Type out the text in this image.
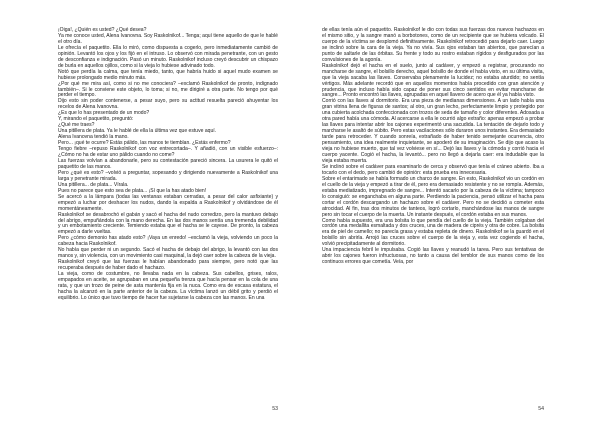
¡Oiga!, ¿Quién es usted? ¿Qué desea?

Ya me conoce usted, Alena Ivanovna. Soy Raskolnikof... Tenga; aquí tiene aquello de que le hablé el otro día.

Le ofrecía el paquetito. Ella lo miró, como dispuesta a cogerlo, pero inmediatamente cambió de opinión. Levantó los ojos y los fijó en el intruso. Lo observó con mirada penetrante, con un gesto de desconfianza e indignación. Pasó un minuto. Raskolnikof incluso creyó descubrir un chispazo de burla en aquellos ojillos, como si la vieja lo hubiese adivinado todo.

Notó que perdía la calma, que tenía miedo, tanto, que habría huido si aquel mudo examen se hubiese prolongado medio minuto más.

¿Por qué me mira así, como si no me conociera? –exclamó Raskolnikof de pronto, indignado también–. Si le conviene este objeto, lo toma; si no, me dirigiré a otra parte. No tengo por qué perder el tiempo.

Dijo esto sin poder contenerse, a pesar suyo, pero su actitud resuelta pareció ahuyentar los recelos de Alena Ivanovna.

¿Es que lo has presentado de un modo?

Y, mirando el paquetito, preguntó:

¿Qué me traes?

Una pitillera de plata. Ya le hablé de ella la última vez que estuve aquí.

Alena Ivanovna tendió la mano.

Pero... ¡qué te ocurre? Estás pálido, las manos te tiemblan. ¿Estás enfermo?

Tengo fiebre –repuso Raskolnikof con voz entrecortada–. Y añadió, con un visible esfuerzo–: ¿Cómo no ha de estar uno pálido cuando no come?

Las fuerzas volvían a abandonarle, pero su contestación pareció sincera. La usurera le quitó el paquetito de las manos.

Pero ¿qué es esto? –volvió a preguntar, sopesando y dirigiendo nuevamente a Raskolnikof una larga y penetrante mirada.

Una pitillera... de plata... Vírala.

Pues no parece que esto sea de plata... ¡Sí que la has atado bien!

Se acercó a la lámpara (todas las ventanas estaban cerradas, a pesar del calor asfixiante) y empezó a luchar por deshacer los nudos, dando la espalda a Raskolnikof y olvidándose de él momentáneamente.

Raskolnikof se desabrochó el gabán y sacó el hacha del nudo corredizo, pero la mantuvo debajo del abrigo, empuñándola con la mano derecha. En las dos manos sentía una tremenda debilidad y un embotamiento creciente. Temiendo estaba que el hacha se le cayese. De pronto, la cabeza empezó a darle vueltas.

Pero ¿cómo demonio has atado esto? ¡Vaya un enredo! –exclamó la vieja, volviendo un poco la cabeza hacia Raskolnikof.

No había que perder ni un segundo. Sacó el hacha de debajo del abrigo, la levantó con las dos manos y, sin violencia, con un movimiento casi maquinal, la dejó caer sobre la cabeza de la vieja.

Raskolnikof creyó que las fuerzas le habían abandonado para siempre, pero notó que las recuperaba después de haber dado el hachazo.

La vieja, como de costumbre, no llevaba nada en la cabeza. Sus cabellos, grises, ralos, empapados en aceite, se agrupaban en una pequeña trenza que hacía pensar en la cola de una rata, y que un trozo de peine de asta mantenía fija en la nuca. Como era de escasa estatura, el hacha la alcanzó en la parte anterior de la cabeza. La víctima lanzó un débil grito y perdió el equilibrio. Lo único que tuvo tiempo de hacer fue sujetarse la cabeza con las manos. En una

53

de ellas tenía aún el paquetito. Raskolnikof le dio con todas sus fuerzas dos nuevos hachazos en el mismo sitio, y la sangre manó a borbotones, como de un recipiente que se hubiera volcado. El cuerpo de la víctima se desplomó definitivamente. Raskolnikof retrocedió para dejarlo caer. Luego se inclinó sobre la cara de la vieja. Ya no vivía. Sus ojos estaban tan abiertos, que parecían a punto de saltarle de las órbitas. Su frente y todo su rostro estaban rígidos y desfigurados por las convulsiones de la agonía.

Raskolnikof dejó el hacha en el suelo, junto al cadáver, y empezó a registrar, procurando no mancharse de sangre, el bolsillo derecho, aquel bolsillo de donde el había visto, en su última visita, que la vieja sacaba las llaves. Conservaba plenamente la lucidez; no estaba aturdido; no sentía vértigos. Más adelante recordó que en aquellos momentos había procedido con gran atención y prudencia, que incluso había sido capaz de poner sus cinco sentidos en evitar mancharse de sangre... Pronto encontró las llaves, agrupadas en aquel llavero de acero que él ya había visto.

Corrió con las llaves al dormitorio. Era una pieza de medianas dimensiones. A un lado había una gran vitrina llena de figuras de santos; al otro, un gran lecho, perfectamente limpio y protegido por una cubierta acolchada confeccionada con trozos de seda de tamaño y color diferentes. Adosada a otra pared había una cómoda. Al acercarse a ella le ocurrió algo extraño: apenas empezó a probar las llaves para intentar abrir los cajones experimentó una sacudida. La tentación de dejarlo todo y marcharse le asaltó de súbito. Pero estas vacilaciones sólo duraron unos instantes. Era demasiado tarde para retroceder. Y cuando sonreía, extrañado de haber tenido semejante ocurrencia, otro pensamiento, una idea realmente inquietante, se apoderó de su imaginación. Se dijo que acaso la vieja no hubiese muerto, que tal vez volviese en sí... Dejó las llaves y la cómoda y corrió hacia el cuerpo yacente. Cogió el hacha, la levantó... pero no llegó a dejarla caer: era indudable que la vieja estaba muerta.

Se inclinó sobre el cadáver para examinarlo de cerca y observó que tenía el cráneo abierto. Iba a tocarlo con el dedo, pero cambió de opinión: esta prueba era innecesaria.

Sobre el entarimado se había formado un charco de sangre. En esto, Raskolnikof vio un cordón en el cuello de la vieja y empezó a tirar de él, pero era demasiado resistente y no se rompía. Además, estaba mediatizado, impregnado de sangre... Intentó sacarlo por la cabeza de la víctima; tampoco lo consiguió: se enganchaba en alguna parte. Perdiendo la paciencia, pensó utilizar el hacha para cortar el cordón descargando un hachazo sobre el cadáver. Pero no se decidió a cometer esta atrocidad. Al fin, tras dos minutos de tanteos, logró cortarlo, manchándose las manos de sangre pero sin tocar el cuerpo de la muerta. Un instante después, el cordón estaba en sus manos.

Como había supuesto, era una bolsita lo que pendía del cuello de la vieja. También colgaban del cordón una medallita esmaltada y dos cruces, una de madera de ciprés y otra de cobre. La bolsita era de piel de camello; no parecía grasa y estaba repleta de dinero. Raskolnikof se la guardó en el bolsillo sin abrirla. Arrojó las cruces sobre el cuerpo de la vieja y, esta vez cogiendo el hacha, volvió precipitadamente al dormitorio.

Una impaciencia febril le impulsaba. Cogió las llaves y reanudó la tarea. Pero sus tentativas de abrir los cajones fueron infructuosas, no tanto a causa del temblor de sus manos como de los continuos errores que cometía. Veía, por

54
